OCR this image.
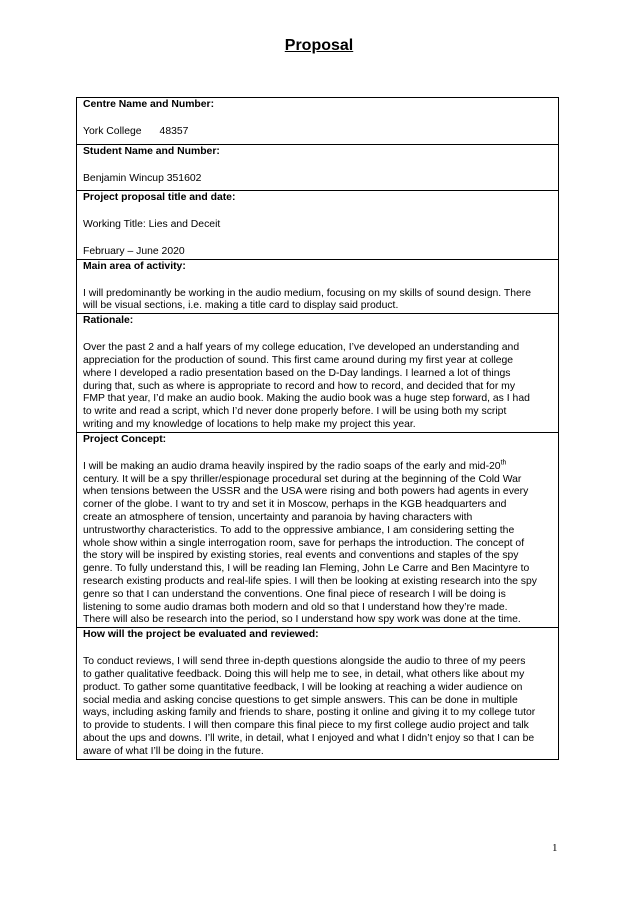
Proposal
Centre Name and Number:
York College 48357

Student Name and Number:
Benjamin Wincup 351602

Project proposal title and date:
Working Title: Lies and Deceit
February – June 2020

Main area of activity:
I will predominantly be working in the audio medium, focusing on my skills of sound design. There
will be visual sections, i.e. making a title card to display said product.

Rationale:
Over the past 2 and a half years of my college education, I’ve developed an understanding and
appreciation for the production of sound. This first came around during my first year at college
where I developed a radio presentation based on the D-Day landings. I learned a lot of things
during that, such as where is appropriate to record and how to record, and decided that for my
FMP that year, I’d make an audio book. Making the audio book was a huge step forward, as I had
to write and read a script, which I’d never done properly before. I will be using both my script
writing and my knowledge of locations to help make my project this year.

Project Concept:
I will be making an audio drama heavily inspired by the radio soaps of the early and mid-20th
century. It will be a spy thriller/espionage procedural set during at the beginning of the Cold War
when tensions between the USSR and the USA were rising and both powers had agents in every
corner of the globe. I want to try and set it in Moscow, perhaps in the KGB headquarters and
create an atmosphere of tension, uncertainty and paranoia by having characters with
untrustworthy characteristics. To add to the oppressive ambiance, I am considering setting the
whole show within a single interrogation room, save for perhaps the introduction. The concept of
the story will be inspired by existing stories, real events and conventions and staples of the spy
genre. To fully understand this, I will be reading Ian Fleming, John Le Carre and Ben Macintyre to
research existing products and real-life spies. I will then be looking at existing research into the spy
genre so that I can understand the conventions. One final piece of research I will be doing is
listening to some audio dramas both modern and old so that I understand how they’re made.
There will also be research into the period, so I understand how spy work was done at the time.

How will the project be evaluated and reviewed:
To conduct reviews, I will send three in-depth questions alongside the audio to three of my peers
to gather qualitative feedback. Doing this will help me to see, in detail, what others like about my
product. To gather some quantitative feedback, I will be looking at reaching a wider audience on
social media and asking concise questions to get simple answers. This can be done in multiple
ways, including asking family and friends to share, posting it online and giving it to my college tutor
to provide to students. I will then compare this final piece to my first college audio project and talk
about the ups and downs. I’ll write, in detail, what I enjoyed and what I didn’t enjoy so that I can be
aware of what I’ll be doing in the future.
1
